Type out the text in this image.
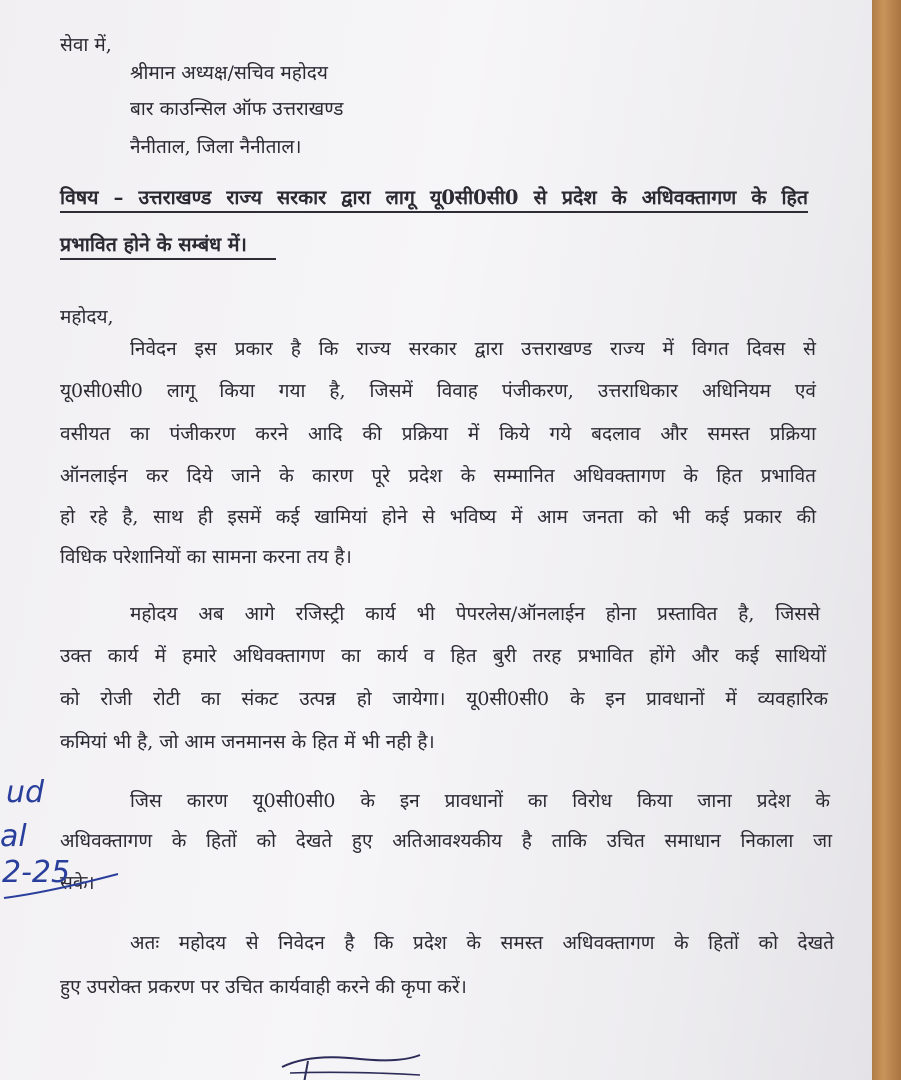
सेवा में,
श्रीमान अध्यक्ष/सचिव महोदय
बार काउन्सिल ऑफ उत्तराखण्ड
नैनीताल, जिला नैनीताल।
विषय – उत्तराखण्ड राज्य सरकार द्वारा लागू यू0सी0सी0 से प्रदेश के अधिवक्तागण के हित
प्रभावित होने के सम्बंध में।
महोदय,
निवेदन इस प्रकार है कि राज्य सरकार द्वारा उत्तराखण्ड राज्य में विगत दिवस से
यू0सी0सी0 लागू किया गया है, जिसमें विवाह पंजीकरण, उत्तराधिकार अधिनियम एवं
वसीयत का पंजीकरण करने आदि की प्रक्रिया में किये गये बदलाव और समस्त प्रक्रिया
ऑनलाईन कर दिये जाने के कारण पूरे प्रदेश के सम्मानित अधिवक्तागण के हित प्रभावित
हो रहे है, साथ ही इसमें कई खामियां होने से भविष्य में आम जनता को भी कई प्रकार की
विधिक परेशानियों का सामना करना तय है।
महोदय अब आगे रजिस्ट्री कार्य भी पेपरलेस/ऑनलाईन होना प्रस्तावित है, जिससे
उक्त कार्य में हमारे अधिवक्तागण का कार्य व हित बुरी तरह प्रभावित होंगे और कई साथियों
को रोजी रोटी का संकट उत्पन्न हो जायेगा। यू0सी0सी0 के इन प्रावधानों में व्यवहारिक
कमियां भी है, जो आम जनमानस के हित में भी नही है।
जिस कारण यू0सी0सी0 के इन प्रावधानों का विरोध किया जाना प्रदेश के
अधिवक्तागण के हितों को देखते हुए अतिआवश्यकीय है ताकि उचित समाधान निकाला जा
सके।
अतः महोदय से निवेदन है कि प्रदेश के समस्त अधिवक्तागण के हितों को देखते
हुए उपरोक्त प्रकरण पर उचित कार्यवाही करने की कृपा करें।
ud
al
2-25
